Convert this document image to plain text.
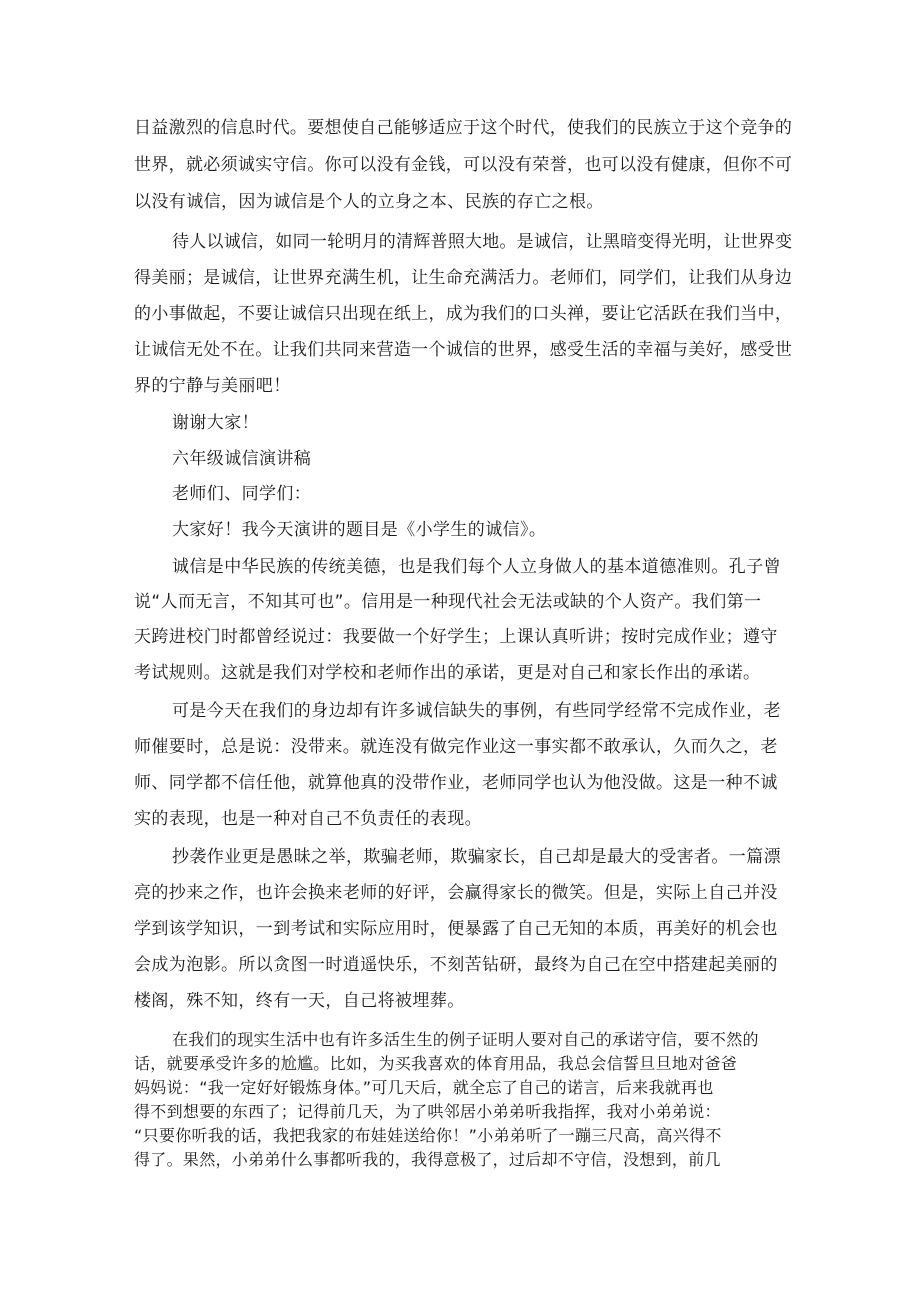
日益激烈的信息时代。要想使自己能够适应于这个时代，使我们的民族立于这个竞争的

世界，就必须诚实守信。你可以没有金钱，可以没有荣誉，也可以没有健康，但你不可

以没有诚信，因为诚信是个人的立身之本、民族的存亡之根。

待人以诚信，如同一轮明月的清辉普照大地。是诚信，让黑暗变得光明，让世界变

得美丽；是诚信，让世界充满生机，让生命充满活力。老师们，同学们，让我们从身边

的小事做起，不要让诚信只出现在纸上，成为我们的口头禅，要让它活跃在我们当中，

让诚信无处不在。让我们共同来营造一个诚信的世界，感受生活的幸福与美好，感受世

界的宁静与美丽吧！

谢谢大家！

六年级诚信演讲稿

老师们、同学们：

大家好！我今天演讲的题目是《小学生的诚信》。

诚信是中华民族的传统美德，也是我们每个人立身做人的基本道德准则。孔子曾

说“人而无言，不知其可也”。信用是一种现代社会无法或缺的个人资产。我们第一

天跨进校门时都曾经说过：我要做一个好学生；上课认真听讲；按时完成作业；遵守

考试规则。这就是我们对学校和老师作出的承诺，更是对自己和家长作出的承诺。

可是今天在我们的身边却有许多诚信缺失的事例，有些同学经常不完成作业，老

师催要时，总是说：没带来。就连没有做完作业这一事实都不敢承认，久而久之，老

师、同学都不信任他，就算他真的没带作业，老师同学也认为他没做。这是一种不诚

实的表现，也是一种对自己不负责任的表现。

抄袭作业更是愚昧之举，欺骗老师，欺骗家长，自己却是最大的受害者。一篇漂

亮的抄来之作，也许会换来老师的好评，会赢得家长的微笑。但是，实际上自己并没

学到该学知识，一到考试和实际应用时，便暴露了自己无知的本质，再美好的机会也

会成为泡影。所以贪图一时逍遥快乐，不刻苦钻研，最终为自己在空中搭建起美丽的

楼阁，殊不知，终有一天，自己将被埋葬。

在我们的现实生活中也有许多活生生的例子证明人要对自己的承诺守信，要不然的

话，就要承受许多的尬尴。比如，为买我喜欢的体育用品，我总会信誓旦旦地对爸爸

妈妈说：“我一定好好锻炼身体。”可几天后，就全忘了自己的诺言，后来我就再也

得不到想要的东西了；记得前几天，为了哄邻居小弟弟听我指挥，我对小弟弟说：

“只要你听我的话，我把我家的布娃娃送给你！”小弟弟听了一蹦三尺高，高兴得不

得了。果然，小弟弟什么事都听我的，我得意极了，过后却不守信，没想到，前几
